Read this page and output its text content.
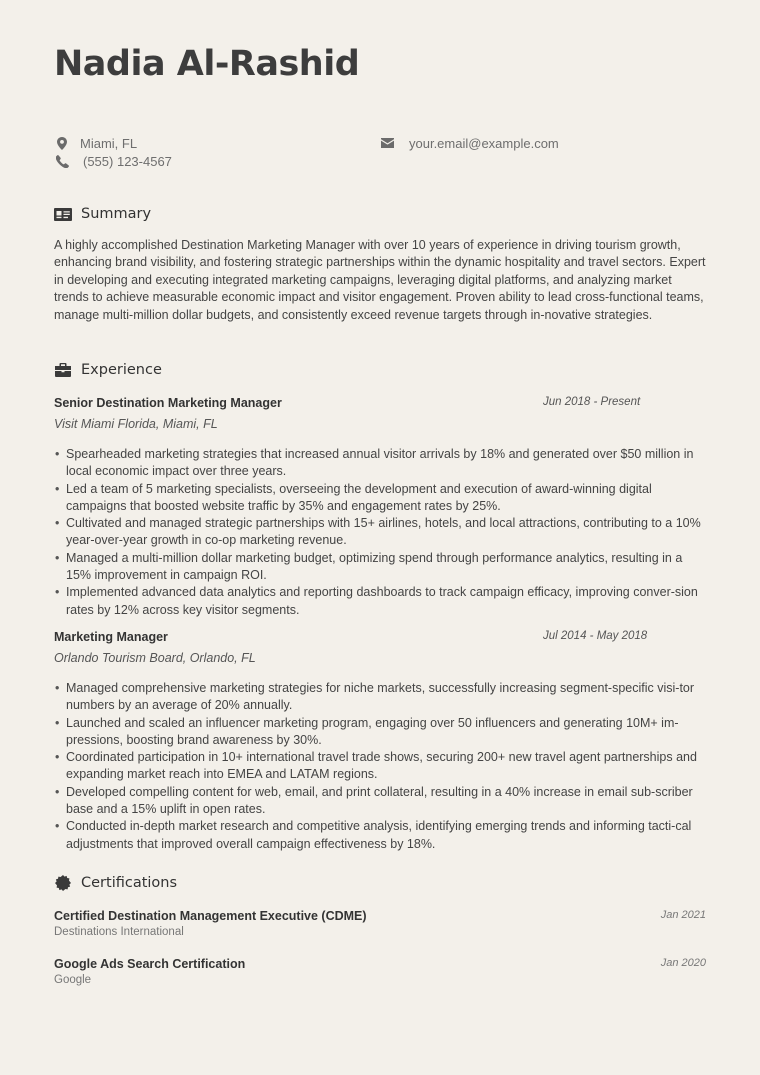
Nadia Al-Rashid
Miami, FL
(555) 123-4567
your.email@example.com
Summary

A highly accomplished Destination Marketing Manager with over 10 years of experience in driving tourism growth, enhancing brand visibility, and fostering strategic partnerships within the dynamic hospitality and travel sectors. Expert in developing and executing integrated marketing campaigns, leveraging digital platforms, and analyzing market trends to achieve measurable economic impact and visitor engagement. Proven ability to lead cross-functional teams, manage multi-million dollar budgets, and consistently exceed revenue targets through in-novative strategies.

Experience
Senior Destination Marketing Manager	Jun 2018 - Present
Visit Miami Florida, Miami, FL
• Spearheaded marketing strategies that increased annual visitor arrivals by 18% and generated over $50 million in local economic impact over three years.
• Led a team of 5 marketing specialists, overseeing the development and execution of award-winning digital campaigns that boosted website traffic by 35% and engagement rates by 25%.
• Cultivated and managed strategic partnerships with 15+ airlines, hotels, and local attractions, contributing to a 10% year-over-year growth in co-op marketing revenue.
• Managed a multi-million dollar marketing budget, optimizing spend through performance analytics, resulting in a 15% improvement in campaign ROI.
• Implemented advanced data analytics and reporting dashboards to track campaign efficacy, improving conver-sion rates by 12% across key visitor segments.
Marketing Manager	Jul 2014 - May 2018
Orlando Tourism Board, Orlando, FL
• Managed comprehensive marketing strategies for niche markets, successfully increasing segment-specific visi-tor numbers by an average of 20% annually.
• Launched and scaled an influencer marketing program, engaging over 50 influencers and generating 10M+ im-pressions, boosting brand awareness by 30%.
• Coordinated participation in 10+ international travel trade shows, securing 200+ new travel agent partnerships and expanding market reach into EMEA and LATAM regions.
• Developed compelling content for web, email, and print collateral, resulting in a 40% increase in email sub-scriber base and a 15% uplift in open rates.
• Conducted in-depth market research and competitive analysis, identifying emerging trends and informing tacti-cal adjustments that improved overall campaign effectiveness by 18%.
Certifications
Certified Destination Management Executive (CDME)	Jan 2021
Destinations International
Google Ads Search Certification	Jan 2020
Google
